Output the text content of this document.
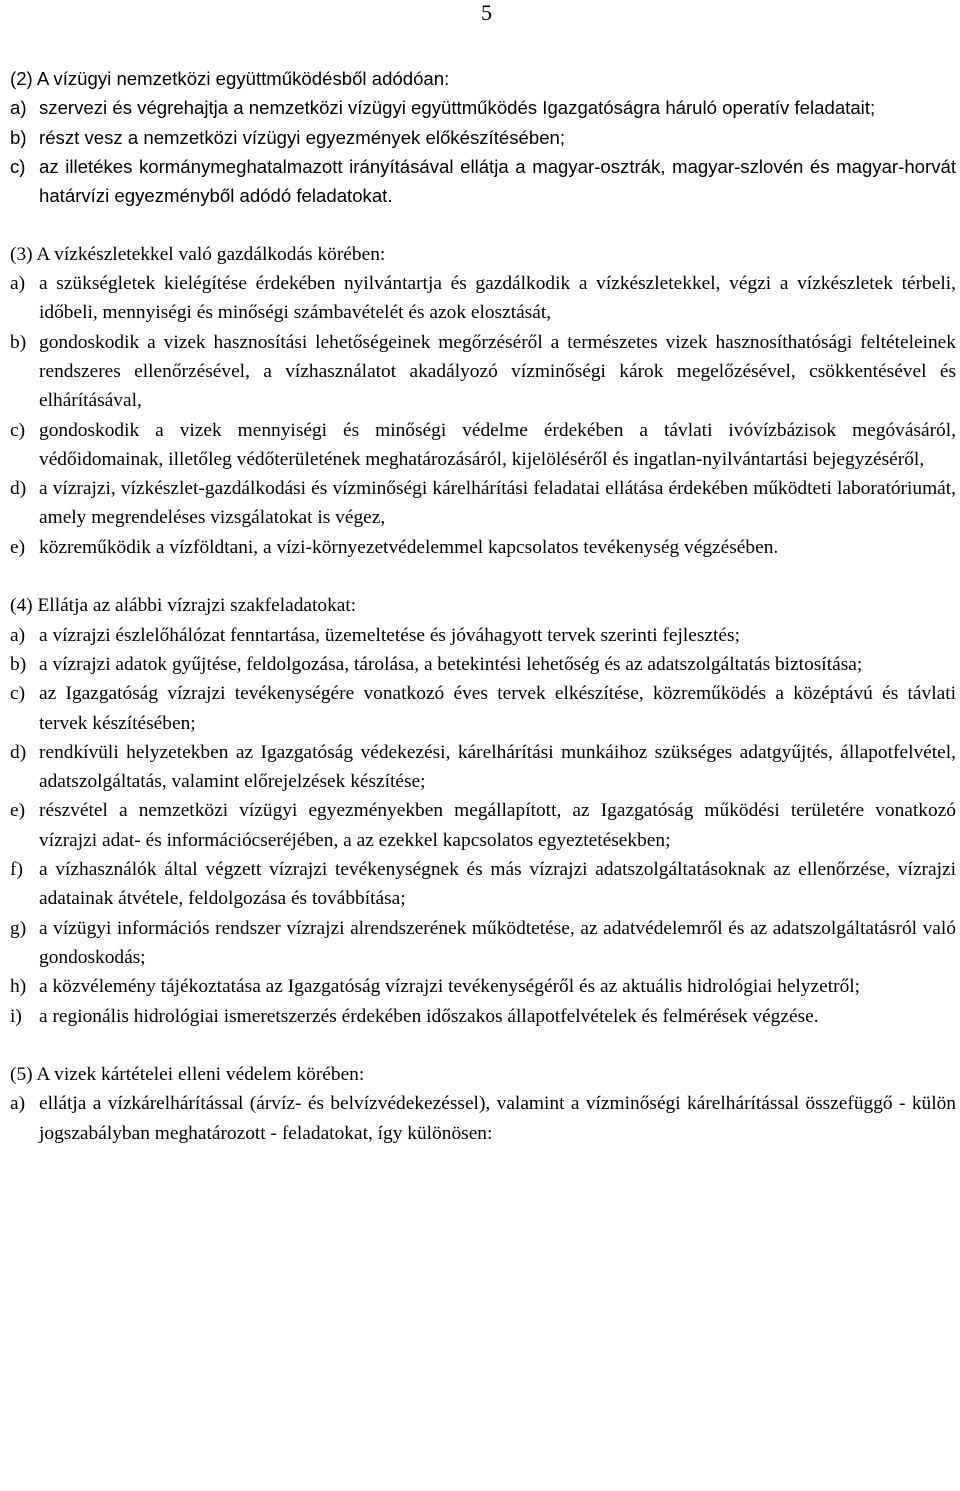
5

(2) A vízügyi nemzetközi együttműködésből adódóan:

a) szervezi és végrehajtja a nemzetközi vízügyi együttműködés Igazgatóságra háruló operatív feladatait;
b) részt vesz a nemzetközi vízügyi egyezmények előkészítésében;
c) az illetékes kormánymeghatalmazott irányításával ellátja a magyar-osztrák, magyar-szlovén és magyar-horvát határvízi egyezményből adódó feladatokat.

(3) A vízkészletekkel való gazdálkodás körében:

a) a szükségletek kielégítése érdekében nyilvántartja és gazdálkodik a vízkészletekkel, végzi a vízkészletek térbeli, időbeli, mennyiségi és minőségi számbavételét és azok elosztását,
b) gondoskodik a vizek hasznosítási lehetőségeinek megőrzéséről a természetes vizek hasznosíthatósági feltételeinek rendszeres ellenőrzésével, a vízhasználatot akadályozó vízminőségi károk megelőzésével, csökkentésével és elhárításával,
c) gondoskodik a vizek mennyiségi és minőségi védelme érdekében a távlati ivóvízbázisok megóvásáról, védőidomainak, illetőleg védőterületének meghatározásáról, kijelöléséről és ingatlan-nyilvántartási bejegyzéséről,
d) a vízrajzi, vízkészlet-gazdálkodási és vízminőségi kárelhárítási feladatai ellátása érdekében működteti laboratóriumát, amely megrendeléses vizsgálatokat is végez,
e) közreműködik a vízföldtani, a vízi-környezetvédelemmel kapcsolatos tevékenység végzésében.

(4) Ellátja az alábbi vízrajzi szakfeladatokat:

a) a vízrajzi észlelőhálózat fenntartása, üzemeltetése és jóváhagyott tervek szerinti fejlesztés;
b) a vízrajzi adatok gyűjtése, feldolgozása, tárolása, a betekintési lehetőség és az adatszolgáltatás biztosítása;
c) az Igazgatóság vízrajzi tevékenységére vonatkozó éves tervek elkészítése, közreműködés a középtávú és távlati tervek készítésében;
d) rendkívüli helyzetekben az Igazgatóság védekezési, kárelhárítási munkáihoz szükséges adatgyűjtés, állapotfelvétel, adatszolgáltatás, valamint előrejelzések készítése;
e) részvétel a nemzetközi vízügyi egyezményekben megállapított, az Igazgatóság működési területére vonatkozó vízrajzi adat- és információcseréjében, a az ezekkel kapcsolatos egyeztetésekben;
f) a vízhasználók által végzett vízrajzi tevékenységnek és más vízrajzi adatszolgáltatásoknak az ellenőrzése, vízrajzi adatainak átvétele, feldolgozása és továbbítása;
g) a vízügyi információs rendszer vízrajzi alrendszerének működtetése, az adatvédelemről és az adatszolgáltatásról való gondoskodás;
h) a közvélemény tájékoztatása az Igazgatóság vízrajzi tevékenységéről és az aktuális hidrológiai helyzetről;
i) a regionális hidrológiai ismeretszerzés érdekében időszakos állapotfelvételek és felmérések végzése.

(5) A vizek kártételei elleni védelem körében:

a) ellátja a vízkárelhárítással (árvíz- és belvízvédekezéssel), valamint a vízminőségi kárelhárítással összefüggő - külön jogszabályban meghatározott - feladatokat, így különösen:
